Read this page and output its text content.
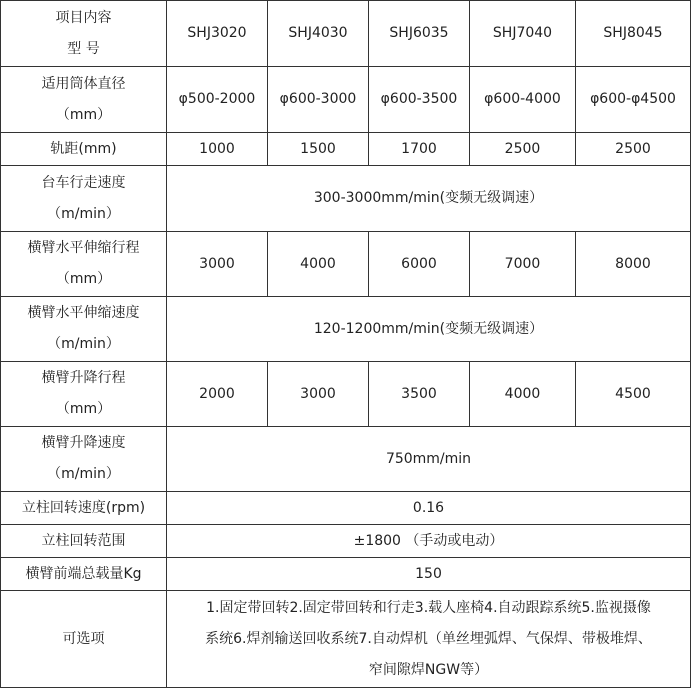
项目内容
型 号	SHJ3020	SHJ4030	SHJ6035	SHJ7040	SHJ8045

适用筒体直径
（mm）	φ500-2000	φ600-3000	φ600-3500	φ600-4000	φ600-φ4500
轨距(mm)	1000	1500	1700	2500	2500

台车行走速度
（m/min）	300-3000mm/min(变频无级调速）				

横臂水平伸缩行程
（mm）	3000	4000	6000	7000	8000

横臂水平伸缩速度
（m/min）	120-1200mm/min(变频无级调速）				

横臂升降行程
（mm）	2000	3000	3500	4000	4500

横臂升降速度
（m/min）	750mm/min				
立柱回转速度(rpm)	0.16				
立柱回转范围	±1800 （手动或电动）				
横臂前端总载量Kg	150				
可选项	1.固定带回转2.固定带回转和行走3.载人座椅4.自动跟踪系统5.监视摄像
系统6.焊剂输送回收系统7.自动焊机（单丝埋弧焊、气保焊、带极堆焊、
窄间隙焊NGW等）				
